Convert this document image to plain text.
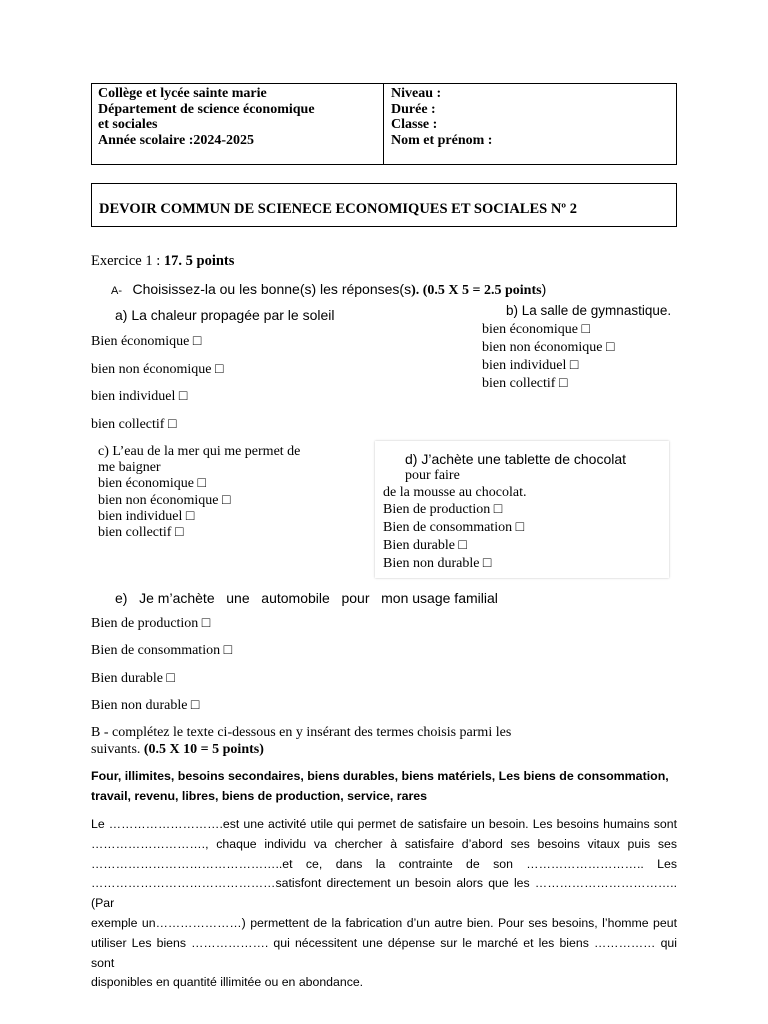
Collège et lycée sainte marie
Département de science économique
et sociales
Année scolaire :2024-2025
Niveau :
Durée :
Classe :
Nom et prénom :
DEVOIR COMMUN DE SCIENECE ECONOMIQUES ET SOCIALES Nº 2
Exercice 1 : 17. 5 points
A- Choisissez-la ou les bonne(s) les réponses(s). (0.5 X 5 = 2.5 points)
a) La chaleur propagée par le soleil
Bien économique □
bien non économique □
bien individuel □
bien collectif □
b) La salle de gymnastique.
bien économique □
bien non économique □
bien individuel □
bien collectif □
c) L’eau de la mer qui me permet de
me baigner
bien économique □
bien non économique □
bien individuel □
bien collectif □
d) J’achète une tablette de chocolat
pour faire
de la mousse au chocolat.
Bien de production □
Bien de consommation □
Bien durable □
Bien non durable □
e)   Je m’achète   une   automobile   pour   mon usage familial
Bien de production □
Bien de consommation □
Bien durable □
Bien non durable □
B - complétez le texte ci-dessous en y insérant des termes choisis parmi les
suivants. (0.5 X 10 = 5 points)
Four, illimites, besoins secondaires, biens durables, biens matériels, Les biens de consommation,
travail, revenu, libres, biens de production, service, rares
Le ……………………….est une activité utile qui permet de satisfaire un besoin. Les besoins humains sont
………………………., chaque individu va chercher à satisfaire d’abord ses besoins vitaux puis ses
………………………………………..et ce, dans la contrainte de son ……………………….. Les
………………………………………satisfont directement un besoin alors que les …………………………….. (Par
exemple un…………………) permettent de la fabrication d’un autre bien. Pour ses besoins, l’homme peut
utiliser Les biens ………………. qui nécessitent une dépense sur le marché et les biens …………… qui sont
disponibles en quantité illimitée ou en abondance.
